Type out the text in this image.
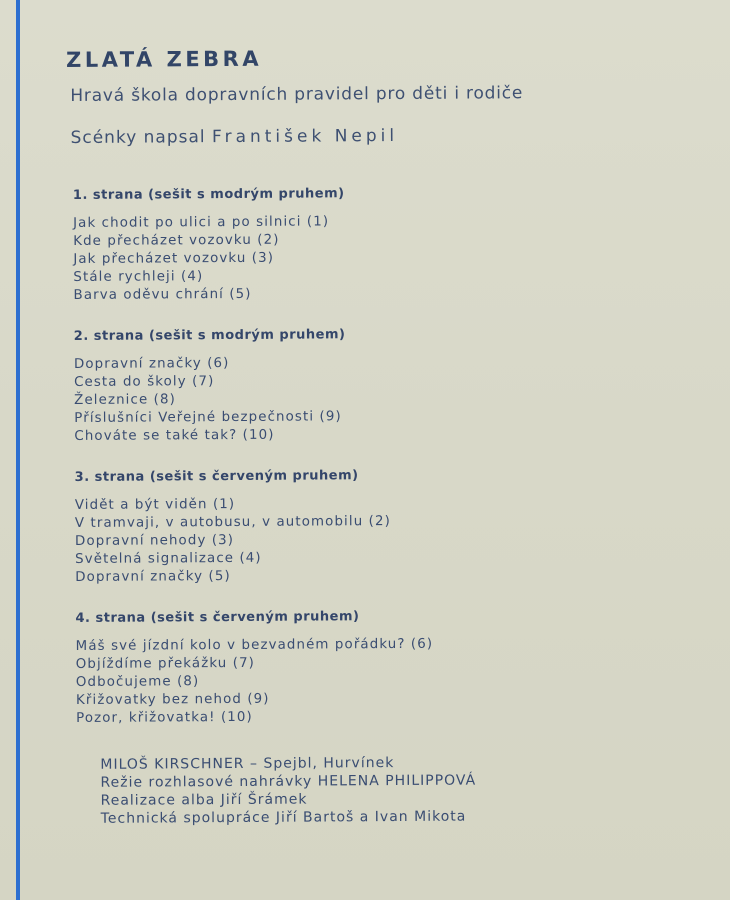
ZLATÁ ZEBRA
Hravá škola dopravních pravidel pro děti i rodiče
Scénky napsal František Nepil
1. strana (sešit s modrým pruhem)
Jak chodit po ulici a po silnici (1)
Kde přecházet vozovku (2)
Jak přecházet vozovku (3)
Stále rychleji (4)
Barva oděvu chrání (5)
2. strana (sešit s modrým pruhem)
Dopravní značky (6)
Cesta do školy (7)
Železnice (8)
Příslušníci Veřejné bezpečnosti (9)
Chováte se také tak? (10)
3. strana (sešit s červeným pruhem)
Vidět a být viděn (1)
V tramvaji, v autobusu, v automobilu (2)
Dopravní nehody (3)
Světelná signalizace (4)
Dopravní značky (5)
4. strana (sešit s červeným pruhem)
Máš své jízdní kolo v bezvadném pořádku? (6)
Objíždíme překážku (7)
Odbočujeme (8)
Křižovatky bez nehod (9)
Pozor, křižovatka! (10)
MILOŠ KIRSCHNER – Spejbl, Hurvínek
Režie rozhlasové nahrávky HELENA PHILIPPOVÁ
Realizace alba Jiří Šrámek
Technická spolupráce Jiří Bartoš a Ivan Mikota
